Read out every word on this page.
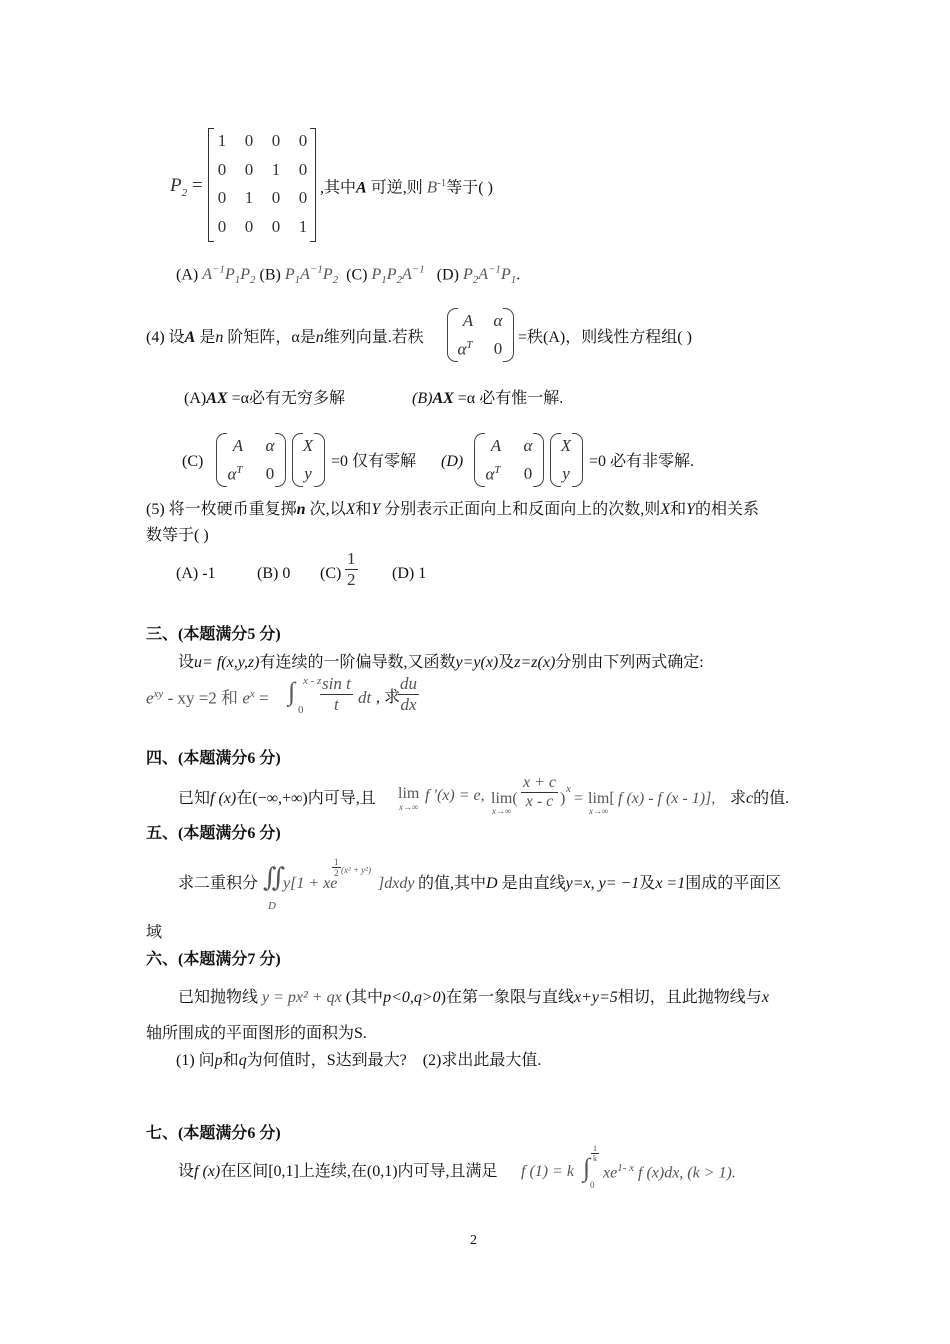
$P_2$ =
1	0	0	0
0	0	1	0
0	1	0	0
0	0	0	1
,其中A 可逆,则 $B^{-1}$等于( )
(A) $A^{-1}P_1P_2$ (B) $P_1A^{-1}P_2$ (C) $P_1P_2A^{-1}$ (D) $P_2A^{-1}P_1$.
(4) 设A 是n 阶矩阵，α是n维列向量.若秩
A	α
$\alpha^T$	0
=秩(A)，则线性方程组( )
(A)AX =α必有无穷多解	(B)AX =α 必有惟一解.
(C)
A	α
$\alpha^T$	0
X
y
=0 仅有零解 (D)
A	α
$\alpha^T$	0
X
y
=0 必有非零解.
(5) 将一枚硬币重复掷n 次,以X和Y 分别表示正面向上和反面向上的次数,则X和Y的相关系
数等于( )
(A) -1	(B) 0 $(C) \frac{1}{2} (D)$ 1
三、(本题满分5 分)
设u= f(x,y,z)有连续的一阶偏导数,又函数y=y(x)及z=z(x)分别由下列两式确定:
$e^{xy}$ - xy =2 和 $e^x$ = ∫ x - z
$0 \frac{\text{sin t}}{t}$ dt , 求
$\frac{du}{dx}$
四、(本题满分6 分)
已知f (x)在(−∞,+∞)内可导,且 lim
x→∞
f ′(x) = e, lim(
$x\to\infty \frac{x + c}{x - c}$ )
x
= lim[
x→∞
f (x) - f (x - 1)], 求c的值.
五、(本题满分6 分)
求二重积分 ∬
D
y[1 + xe
$\frac{1}{2} (x^2 + y^2)$
]dxdy 的值,其中D 是由直线y=x, y= −1及x =1围成的平面区
域
六、(本题满分7 分)
已知抛物线 y = px² + qx (其中p<0,q>0)在第一象限与直线x+y=5相切，且此抛物线与x
轴所围成的平面图形的面积为S.
(1) 问p和q为何值时，S达到最大? (2)求出此最大值.
七、(本题满分6 分)
设f (x)在区间[0,1]上连续,在(0,1)内可导,且满足 f (1) = k ∫ $\frac{1}{k}$
0
$xe^{1- x}$ f (x)dx, (k > 1).
2
